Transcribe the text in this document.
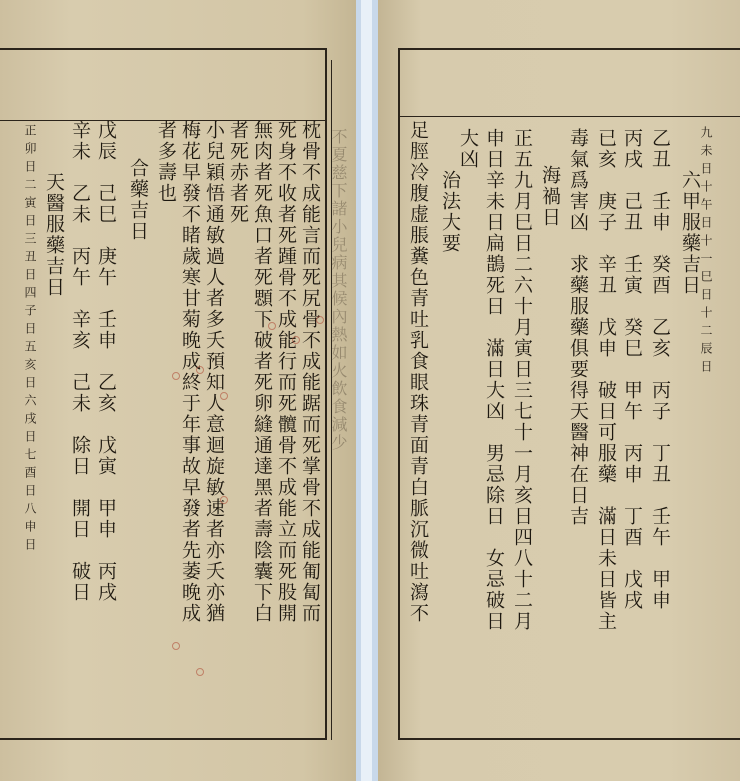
不夏慈下諸小兒病其候內熱如火飲食減少	九未日十午日十一巳日十二辰日
六甲服藥吉日
乙丑　壬申　癸酉　乙亥　丙子　丁丑　壬午　甲申
丙戌　己丑　壬寅　癸巳　甲午　丙申　丁酉　戊戌
已亥　庚子　辛丑　戊申　破日可服藥　滿日未日皆主
毒氣爲害凶　求藥服藥俱要得天醫神在日吉
海禍日
正五九月巳日二六十月寅日三七十一月亥日四八十二月
申日辛未日扁鵲死日　滿日大凶　男忌除日　女忌破日
大凶
治法大要
足脛冷腹虚脹糞色青吐乳食眼珠青面青白脈沉微吐瀉不
枕骨不成能言而死尻骨不成能踞而死掌骨不成能匍匐而
死身不收者死踵骨不成能行而死髖骨不成能立而死股開
無肉者死魚口者死顋下破者死卵縫通達黑者壽陰囊下白
者死赤者死
小兒穎悟通敏過人者多夭預知人意迴旋敏速者亦夭亦猶
梅花早發不睹歲寒甘菊晚成終于年事故早發者先萎晚成
者多壽也
合藥吉日
戊辰　己巳　庚午　壬申　乙亥　戊寅　甲申　丙戌
辛未　乙未　丙午　辛亥　己未　除日　開日　破日
天醫服藥吉日
正卯日二寅日三丑日四子日五亥日六戌日七酉日八申日
